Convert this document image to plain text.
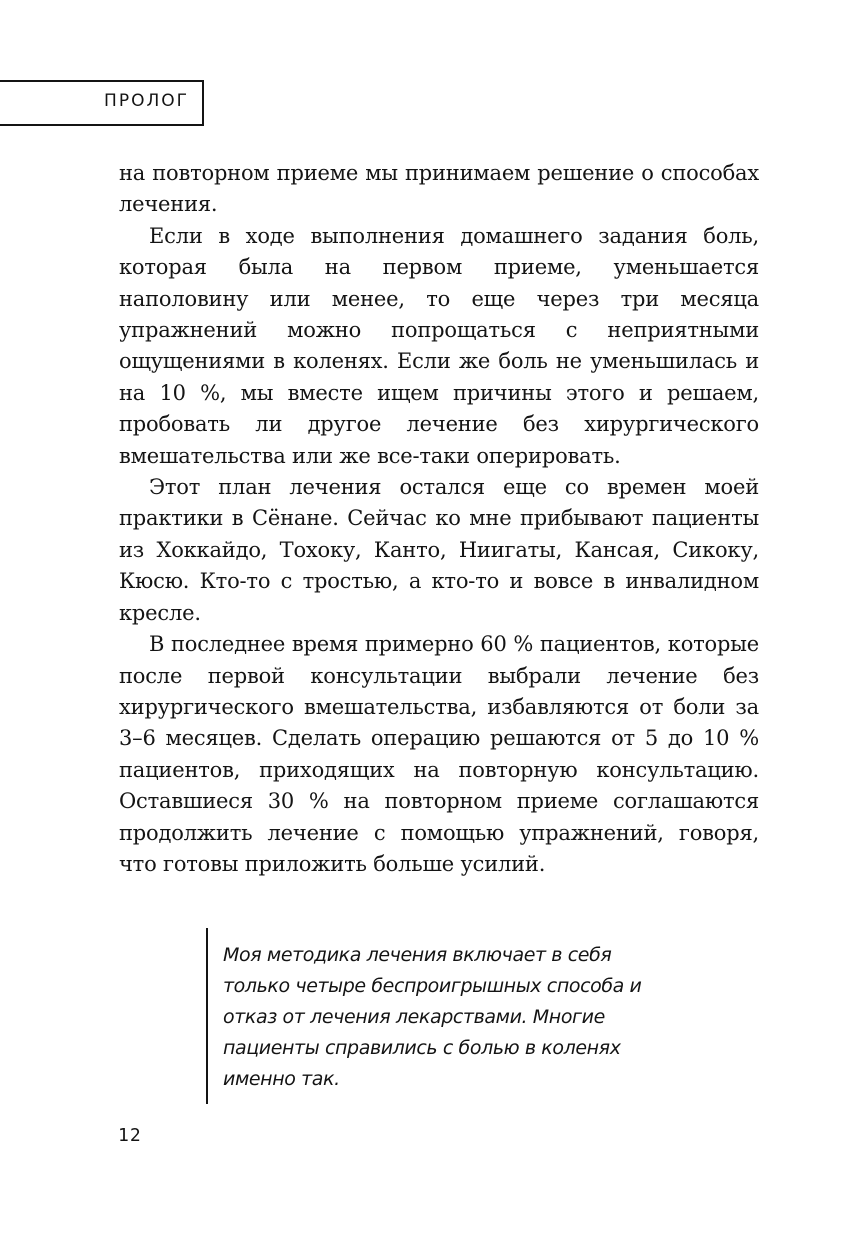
ПРОЛОГ

на повторном приеме мы принимаем решение о способах лечения.

Если в ходе выполнения домашнего задания боль, которая была на первом приеме, уменьшается наполовину или менее, то еще через три месяца упражнений можно попрощаться с неприятными ощущениями в коленях. Если же боль не уменьшилась и на 10 %, мы вместе ищем причины этого и решаем, пробовать ли другое лечение без хирургического вмешательства или же все-таки оперировать.

Этот план лечения остался еще со времен моей практики в Сёнане. Сейчас ко мне прибывают пациенты из Хоккайдо, Тохоку, Канто, Ниигаты, Кансая, Сикоку, Кюсю. Кто-то с тростью, а кто-то и вовсе в инвалидном кресле.

В последнее время примерно 60 % пациентов, которые после первой консультации выбрали лечение без хирургического вмешательства, избавляются от боли за 3–6 месяцев. Сделать операцию решаются от 5 до 10 % пациентов, приходящих на повторную консультацию. Оставшиеся 30 % на повторном приеме соглашаются продолжить лечение с помощью упражнений, говоря, что готовы приложить больше усилий.

Моя методика лечения включает в себя только четыре беспроигрышных способа и отказ от лечения лекарствами. Многие пациенты справились с болью в коленях именно так.

12
